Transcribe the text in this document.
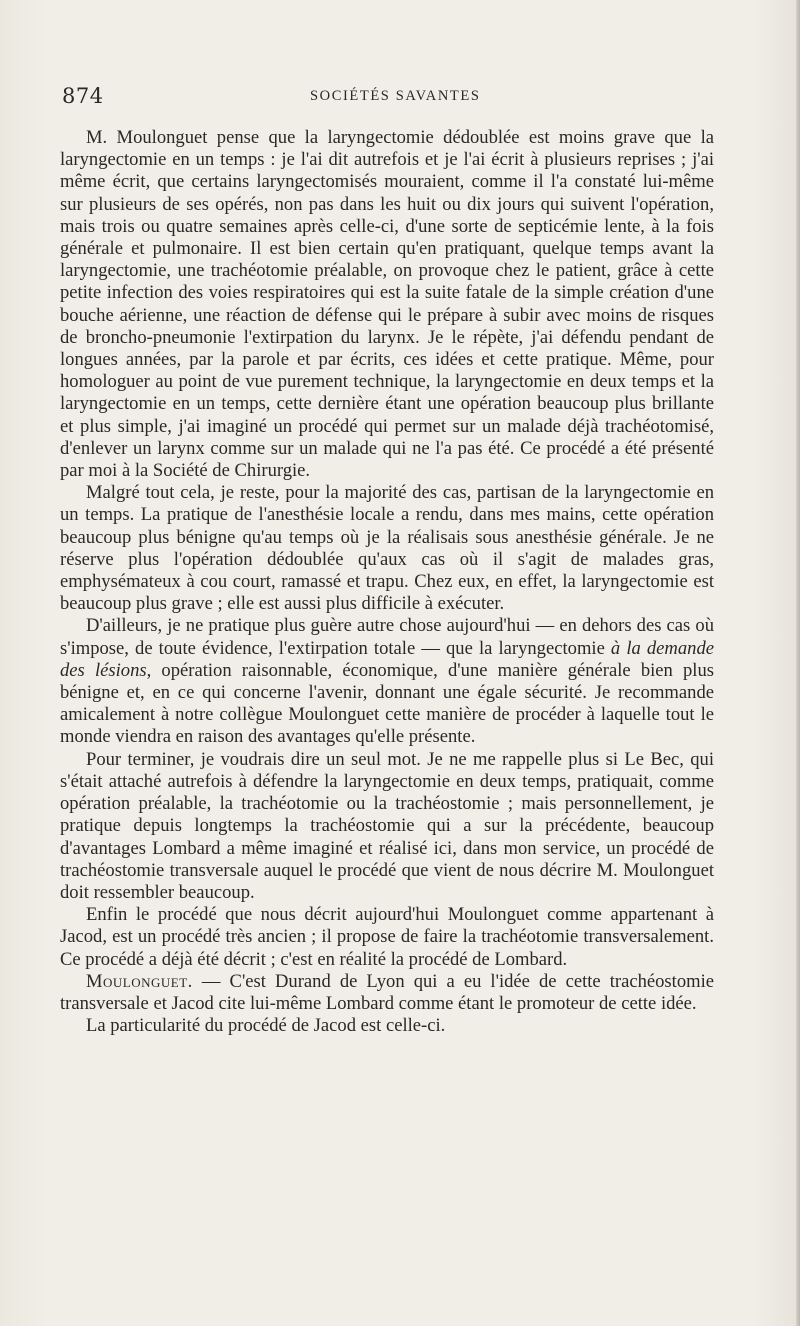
874	SOCIÉTÉS SAVANTES

M. Moulonguet pense que la laryngectomie dédoublée est moins grave que la laryngectomie en un temps : je l'ai dit autrefois et je l'ai écrit à plusieurs reprises ; j'ai même écrit, que certains laryngectomisés mouraient, comme il l'a constaté lui-même sur plusieurs de ses opérés, non pas dans les huit ou dix jours qui suivent l'opération, mais trois ou quatre semaines après celle-ci, d'une sorte de septicémie lente, à la fois générale et pulmonaire. Il est bien certain qu'en pratiquant, quelque temps avant la laryngectomie, une trachéotomie préalable, on provoque chez le patient, grâce à cette petite infection des voies respiratoires qui est la suite fatale de la simple création d'une bouche aérienne, une réaction de défense qui le prépare à subir avec moins de risques de broncho-pneumonie l'extirpation du larynx. Je le répète, j'ai défendu pendant de longues années, par la parole et par écrits, ces idées et cette pratique. Même, pour homologuer au point de vue purement technique, la laryngectomie en deux temps et la laryngectomie en un temps, cette dernière étant une opération beaucoup plus brillante et plus simple, j'ai imaginé un procédé qui permet sur un malade déjà trachéotomisé, d'enlever un larynx comme sur un malade qui ne l'a pas été. Ce procédé a été présenté par moi à la Société de Chirurgie.

Malgré tout cela, je reste, pour la majorité des cas, partisan de la laryngectomie en un temps. La pratique de l'anesthésie locale a rendu, dans mes mains, cette opération beaucoup plus bénigne qu'au temps où je la réalisais sous anesthésie générale. Je ne réserve plus l'opération dédoublée qu'aux cas où il s'agit de malades gras, emphysémateux à cou court, ramassé et trapu. Chez eux, en effet, la laryngectomie est beaucoup plus grave ; elle est aussi plus difficile à exécuter.

D'ailleurs, je ne pratique plus guère autre chose aujourd'hui — en dehors des cas où s'impose, de toute évidence, l'extirpation totale — que la laryngectomie à la demande des lésions, opération raisonnable, économique, d'une manière générale bien plus bénigne et, en ce qui concerne l'avenir, donnant une égale sécurité. Je recommande amicalement à notre collègue Moulonguet cette manière de procéder à laquelle tout le monde viendra en raison des avantages qu'elle présente.

Pour terminer, je voudrais dire un seul mot. Je ne me rappelle plus si Le Bec, qui s'était attaché autrefois à défendre la laryngectomie en deux temps, pratiquait, comme opération préalable, la trachéotomie ou la trachéostomie ; mais personnellement, je pratique depuis longtemps la trachéostomie qui a sur la précédente, beaucoup d'avantages Lombard a même imaginé et réalisé ici, dans mon service, un procédé de trachéostomie transversale auquel le procédé que vient de nous décrire M. Moulonguet doit ressembler beaucoup.

Enfin le procédé que nous décrit aujourd'hui Moulonguet comme appartenant à Jacod, est un procédé très ancien ; il propose de faire la trachéotomie transversalement. Ce procédé a déjà été décrit ; c'est en réalité la procédé de Lombard.

Moulonguet. — C'est Durand de Lyon qui a eu l'idée de cette trachéostomie transversale et Jacod cite lui-même Lombard comme étant le promoteur de cette idée.

La particularité du procédé de Jacod est celle-ci.
